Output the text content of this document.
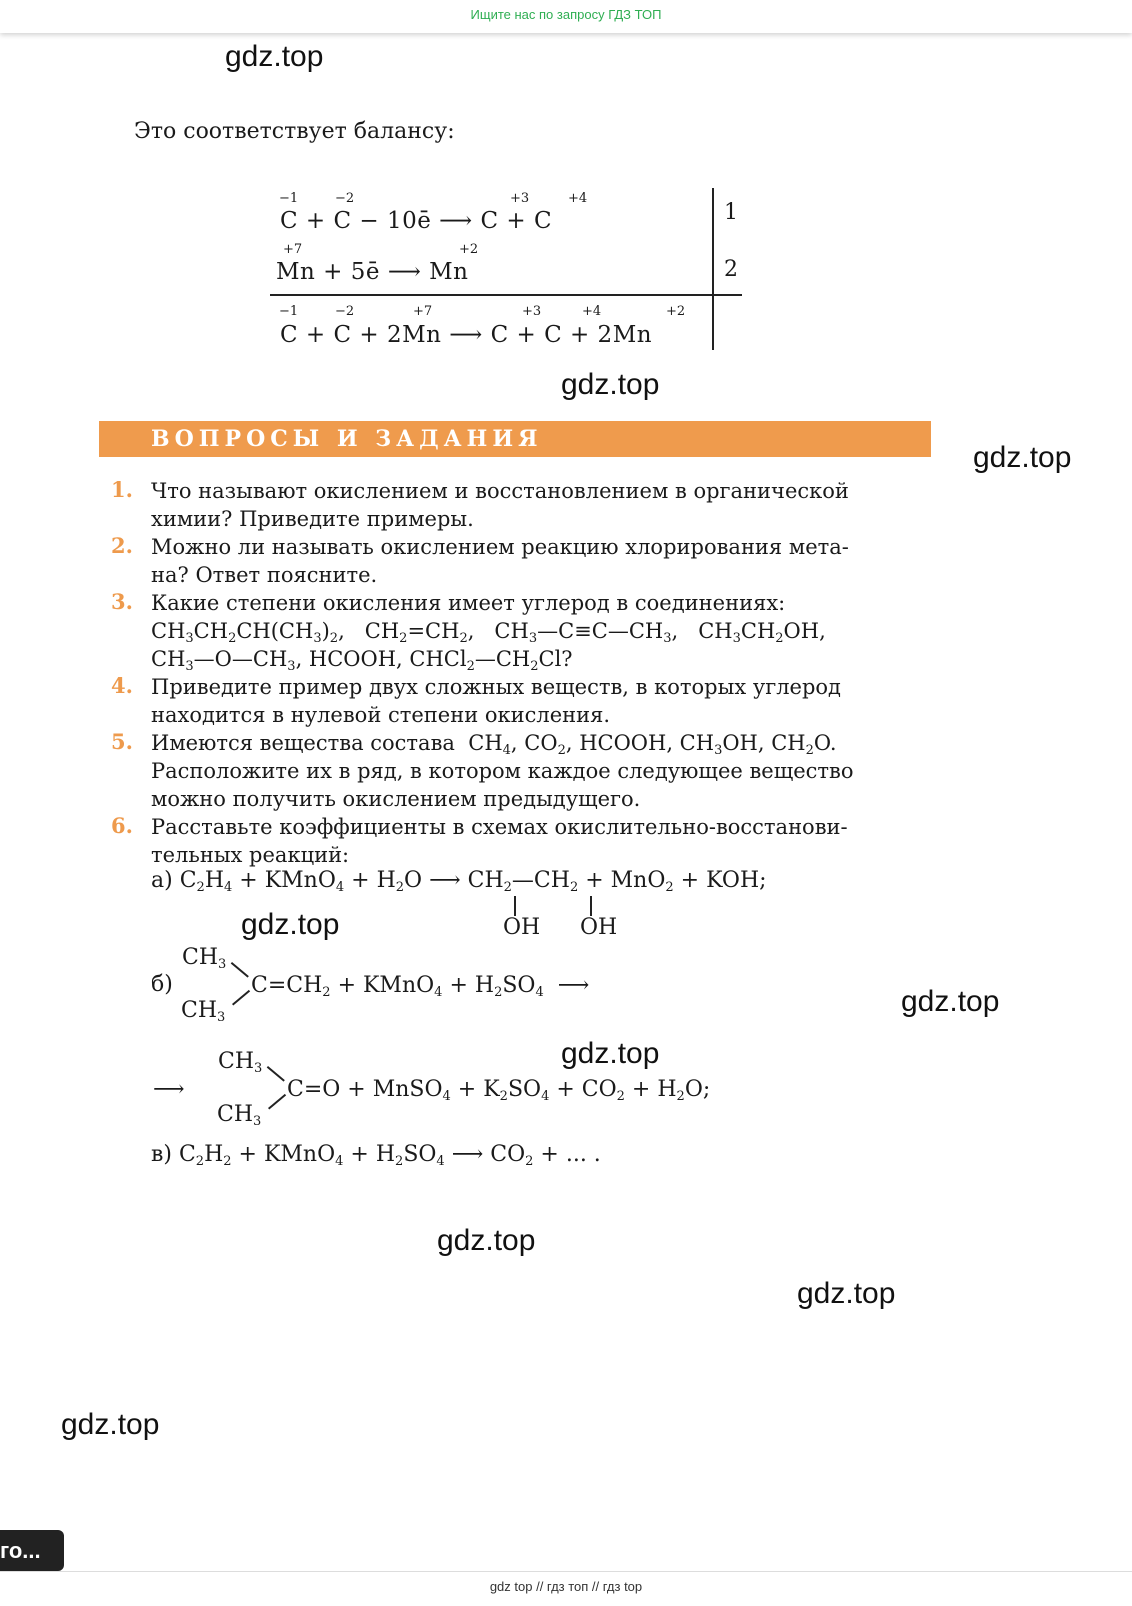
Ищите нас по запросу ГДЗ ТОП
gdz.top
gdz.top
gdz.top
gdz.top
gdz.top
gdz.top
gdz.top
gdz.top
gdz.top
Это соответствует балансу:
−1	−2	+3	+4
C + C − 10ē ⟶ C + C	1
+7	+2
Mn + 5ē ⟶ Mn	2
−1	−2	+7	+3	+4	+2
C + C + 2Mn ⟶ C + C + 2Mn
ВОПРОСЫ И ЗАДАНИЯ
1. Что называют окислением и восстановлением в органической
химии? Приведите примеры.
2. Можно ли называть окислением реакцию хлорирования мета-
на? Ответ поясните.
3. Какие степени окисления имеет углерод в соединениях:
$CH_3CH_2CH(CH_3)_2$,   $CH_2=CH_2$,   $CH_3—C\equiv C—CH_3$,   $CH_3CH_2OH$,
$CH_3—O—CH_3$, HCOOH, $CHCl_2—CH_2Cl$?
4. Приведите пример двух сложных веществ, в которых углерод
находится в нулевой степени окисления.
5. Имеются вещества состава  $CH_4$, $CO_2$, HCOOH, $CH_3OH$, $CH_2O$.
Расположите их в ряд, в котором каждое следующее вещество
можно получить окислением предыдущего.
6. Расставьте коэффициенты в схемах окислительно-восстанови-
тельных реакций:
а) $C_2H_4$ + KMnO$_4$ + $H_2O$ ⟶ $CH_2—CH_2 + MnO_2$ + KOH;
OH OH
$CH_3$
б)	$C=CH_2$ + KMnO$_4$ + $H_2SO_4$ ⟶
$CH_3$
⟶
$CH_3$
C=O + MnSO$_4$ + $K_2SO_4 + CO_2 + H_2O$;
$CH_3$
в) $C_2H_2$ + KMnO$_4$ + $H_2SO_4$ ⟶ $CO_2$ + ... .
го...
gdz top // гдз топ // гдз top
